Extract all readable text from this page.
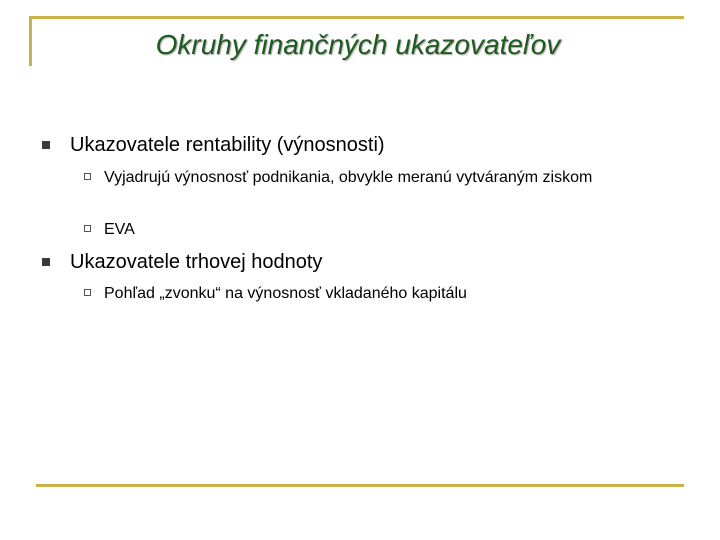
Okruhy finančných ukazovateľov
Ukazovatele rentability (výnosnosti)
Vyjadrujú výnosnosť podnikania, obvykle meranú vytváraným ziskom
EVA
Ukazovatele trhovej hodnoty
Pohľad „zvonku“ na výnosnosť vkladaného kapitálu
